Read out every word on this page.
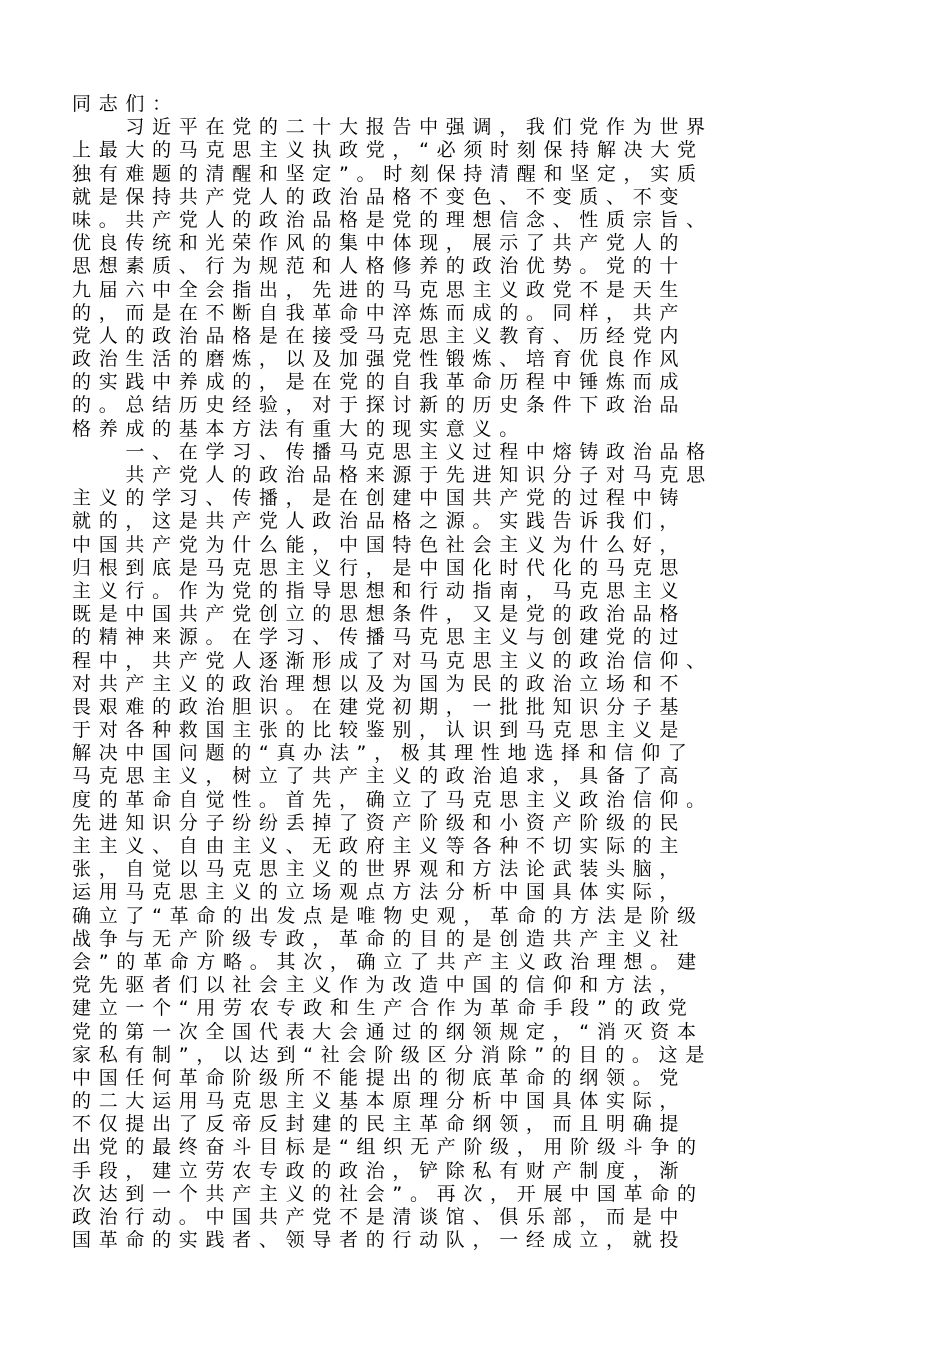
同志们：
　　习近平在党的二十大报告中强调，我们党作为世界
上最大的马克思主义执政党，“必须时刻保持解决大党
独有难题的清醒和坚定”。时刻保持清醒和坚定，实质
就是保持共产党人的政治品格不变色、不变质、不变
味。共产党人的政治品格是党的理想信念、性质宗旨、
优良传统和光荣作风的集中体现，展示了共产党人的
思想素质、行为规范和人格修养的政治优势。党的十
九届六中全会指出，先进的马克思主义政党不是天生
的，而是在不断自我革命中淬炼而成的。同样，共产
党人的政治品格是在接受马克思主义教育、历经党内
政治生活的磨炼，以及加强党性锻炼、培育优良作风
的实践中养成的，是在党的自我革命历程中锤炼而成
的。总结历史经验，对于探讨新的历史条件下政治品
格养成的基本方法有重大的现实意义。
　　一、在学习、传播马克思主义过程中熔铸政治品格
　　共产党人的政治品格来源于先进知识分子对马克思
主义的学习、传播，是在创建中国共产党的过程中铸
就的，这是共产党人政治品格之源。实践告诉我们，
中国共产党为什么能，中国特色社会主义为什么好，
归根到底是马克思主义行，是中国化时代化的马克思
主义行。作为党的指导思想和行动指南，马克思主义
既是中国共产党创立的思想条件，又是党的政治品格
的精神来源。在学习、传播马克思主义与创建党的过
程中，共产党人逐渐形成了对马克思主义的政治信仰、
对共产主义的政治理想以及为国为民的政治立场和不
畏艰难的政治胆识。在建党初期，一批批知识分子基
于对各种救国主张的比较鉴别，认识到马克思主义是
解决中国问题的“真办法”，极其理性地选择和信仰了
马克思主义，树立了共产主义的政治追求，具备了高
度的革命自觉性。首先，确立了马克思主义政治信仰。
先进知识分子纷纷丢掉了资产阶级和小资产阶级的民
主主义、自由主义、无政府主义等各种不切实际的主
张，自觉以马克思主义的世界观和方法论武装头脑，
运用马克思主义的立场观点方法分析中国具体实际，
确立了“革命的出发点是唯物史观，革命的方法是阶级
战争与无产阶级专政，革命的目的是创造共产主义社
会”的革命方略。其次，确立了共产主义政治理想。建
党先驱者们以社会主义作为改造中国的信仰和方法，
建立一个“用劳农专政和生产合作为革命手段”的政党
党的第一次全国代表大会通过的纲领规定，“消灭资本
家私有制”，以达到“社会阶级区分消除”的目的。这是
中国任何革命阶级所不能提出的彻底革命的纲领。党
的二大运用马克思主义基本原理分析中国具体实际，
不仅提出了反帝反封建的民主革命纲领，而且明确提
出党的最终奋斗目标是“组织无产阶级，用阶级斗争的
手段，建立劳农专政的政治，铲除私有财产制度，渐
次达到一个共产主义的社会”。再次，开展中国革命的
政治行动。中国共产党不是清谈馆、俱乐部，而是中
国革命的实践者、领导者的行动队，一经成立，就投
